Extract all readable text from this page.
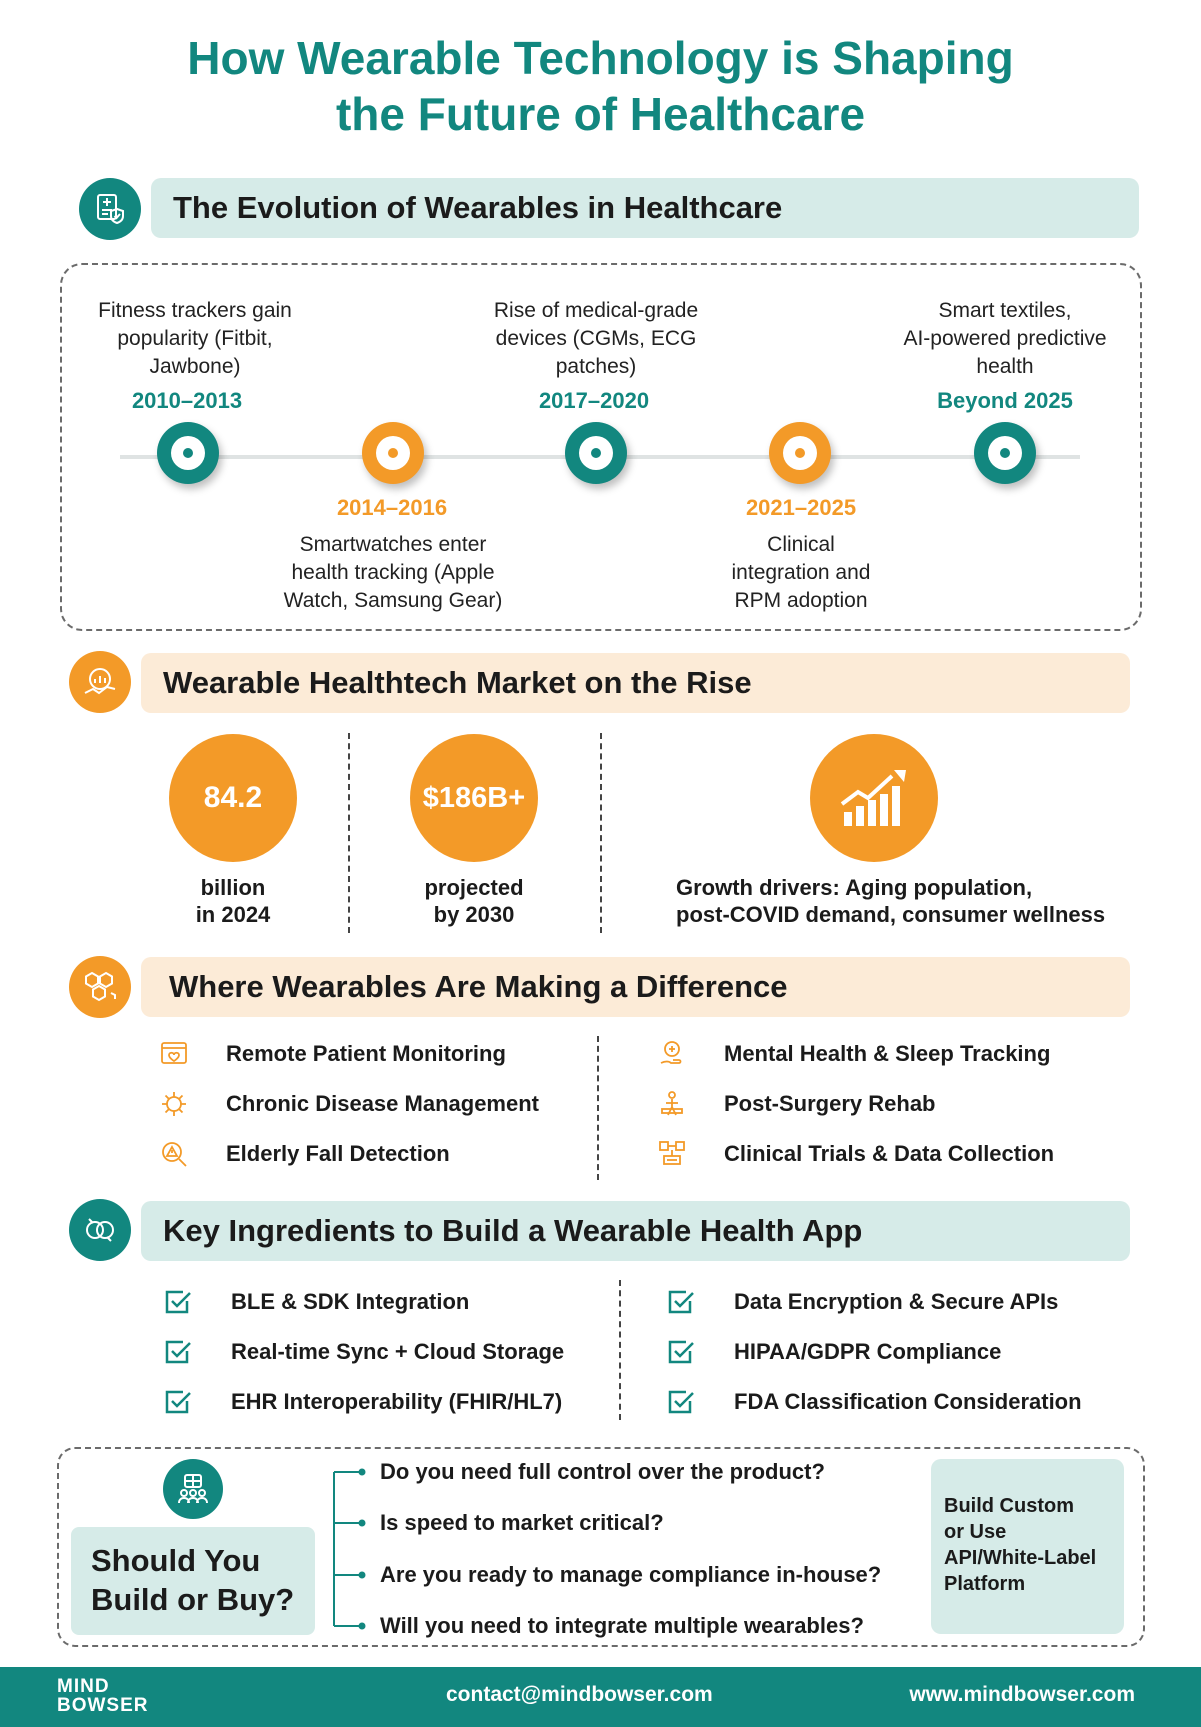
How Wearable Technology is Shaping
the Future of Healthcare
The Evolution of Wearables in Healthcare
Fitness trackers gain
popularity (Fitbit,
Jawbone)
2010–2013
2014–2016
Smartwatches enter
health tracking (Apple
Watch, Samsung Gear)
Rise of medical-grade
devices (CGMs, ECG
patches)
2017–2020
2021–2025
Clinical
integration and
RPM adoption
Smart textiles,
AI-powered predictive
health
Beyond 2025
Wearable Healthtech Market on the Rise
84.2
billion
in 2024
$186B+
projected
by 2030
Growth drivers: Aging population,
post-COVID demand, consumer wellness
Where Wearables Are Making a Difference
Remote Patient Monitoring
Chronic Disease Management
Elderly Fall Detection
Mental Health & Sleep Tracking
Post-Surgery Rehab
Clinical Trials & Data Collection
Key Ingredients to Build a Wearable Health App
BLE & SDK Integration
Real-time Sync + Cloud Storage
EHR Interoperability (FHIR/HL7)
Data Encryption & Secure APIs
HIPAA/GDPR Compliance
FDA Classification Consideration
Should You
Build or Buy?
Do you need full control over the product?
Is speed to market critical?
Are you ready to manage compliance in-house?
Will you need to integrate multiple wearables?
Build Custom
or Use
API/White-Label
Platform
MIND
BOWSER	contact@mindbowser.com	www.mindbowser.com
